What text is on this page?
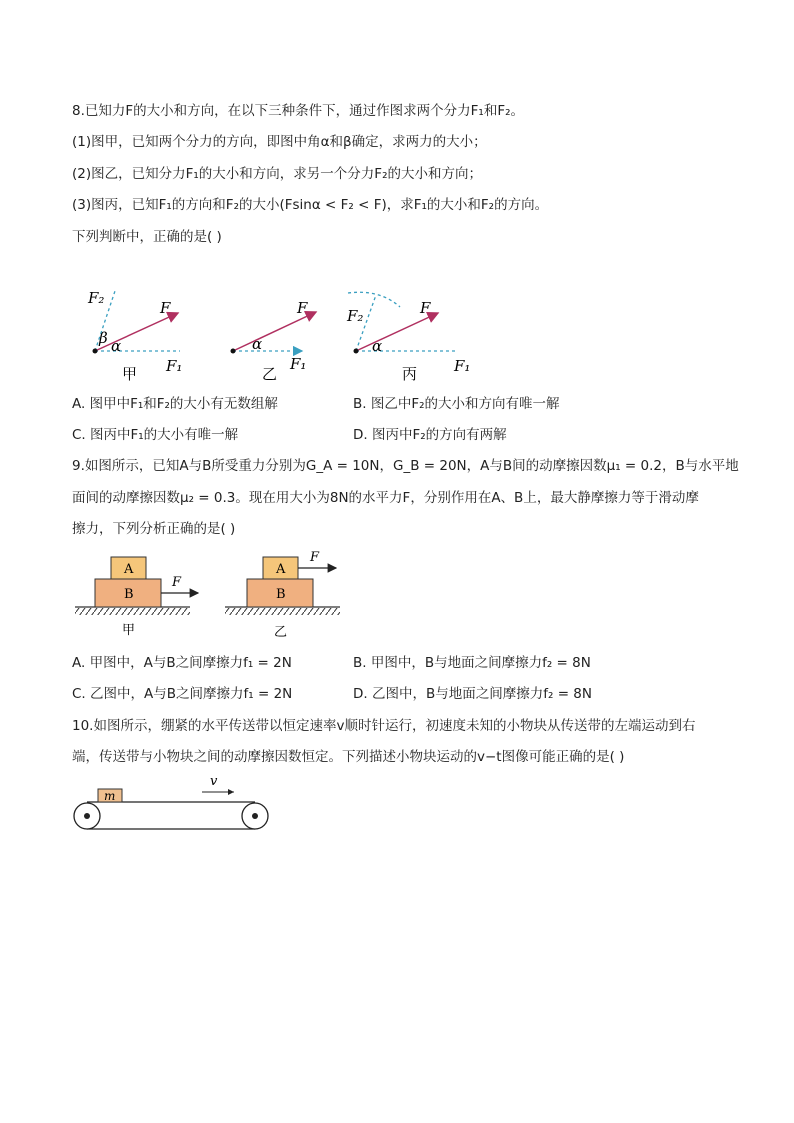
8.已知力F的大小和方向，在以下三种条件下，通过作图求两个分力F₁和F₂。
(1)图甲，已知两个分力的方向，即图中角α和β确定，求两力的大小；
(2)图乙，已知分力F₁的大小和方向，求另一个分力F₂的大小和方向；
(3)图丙，已知F₁的方向和F₂的大小(Fsinα < F₂ < F)，求F₁的大小和F₂的方向。
下列判断中，正确的是( )
F₂
F
β α
F₁
甲
F
α
F₁
乙
F₂	F
α
F₁
丙
A. 图甲中F₁和F₂的大小有无数组解	B. 图乙中F₂的大小和方向有唯一解
C. 图丙中F₁的大小有唯一解	D. 图丙中F₂的方向有两解
9.如图所示，已知A与B所受重力分别为G_A = 10N，G_B = 20N，A与B间的动摩擦因数μ₁ = 0.2，B与水平地
面间的动摩擦因数μ₂ = 0.3。现在用大小为8N的水平力F，分别作用在A、B上，最大静摩擦力等于滑动摩
擦力，下列分析正确的是( )
A
B
F
甲
A
B
F
乙
A. 甲图中，A与B之间摩擦力f₁ = 2N	B. 甲图中，B与地面之间摩擦力f₂ = 8N
C. 乙图中，A与B之间摩擦力f₁ = 2N	D. 乙图中，B与地面之间摩擦力f₂ = 8N
10.如图所示，绷紧的水平传送带以恒定速率v顺时针运行，初速度未知的小物块从传送带的左端运动到右
端，传送带与小物块之间的动摩擦因数恒定。下列描述小物块运动的v−t图像可能正确的是( )
m
v
